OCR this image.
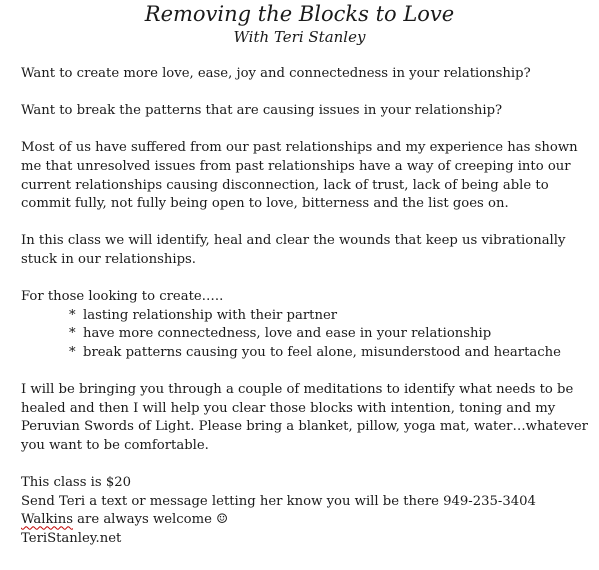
Removing the Blocks to Love
With Teri Stanley

Want to create more love, ease, joy and connectedness in your relationship?

Want to break the patterns that are causing issues in your relationship?

Most of us have suffered from our past relationships and my experience has shown
me that unresolved issues from past relationships have a way of creeping into our
current relationships causing disconnection, lack of trust, lack of being able to
commit fully, not fully being open to love, bitterness and the list goes on.

In this class we will identify, heal and clear the wounds that keep us vibrationally
stuck in our relationships.

For those looking to create…..

* lasting relationship with their partner
* have more connectedness, love and ease in your relationship
* break patterns causing you to feel alone, misunderstood and heartache

I will be bringing you through a couple of meditations to identify what needs to be
healed and then I will help you clear those blocks with intention, toning and my
Peruvian Swords of Light. Please bring a blanket, pillow, yoga mat, water…whatever
you want to be comfortable.

This class is $20

Send Teri a text or message letting her know you will be there 949-235-3404

Walkins are always welcome ☺

TeriStanley.net
